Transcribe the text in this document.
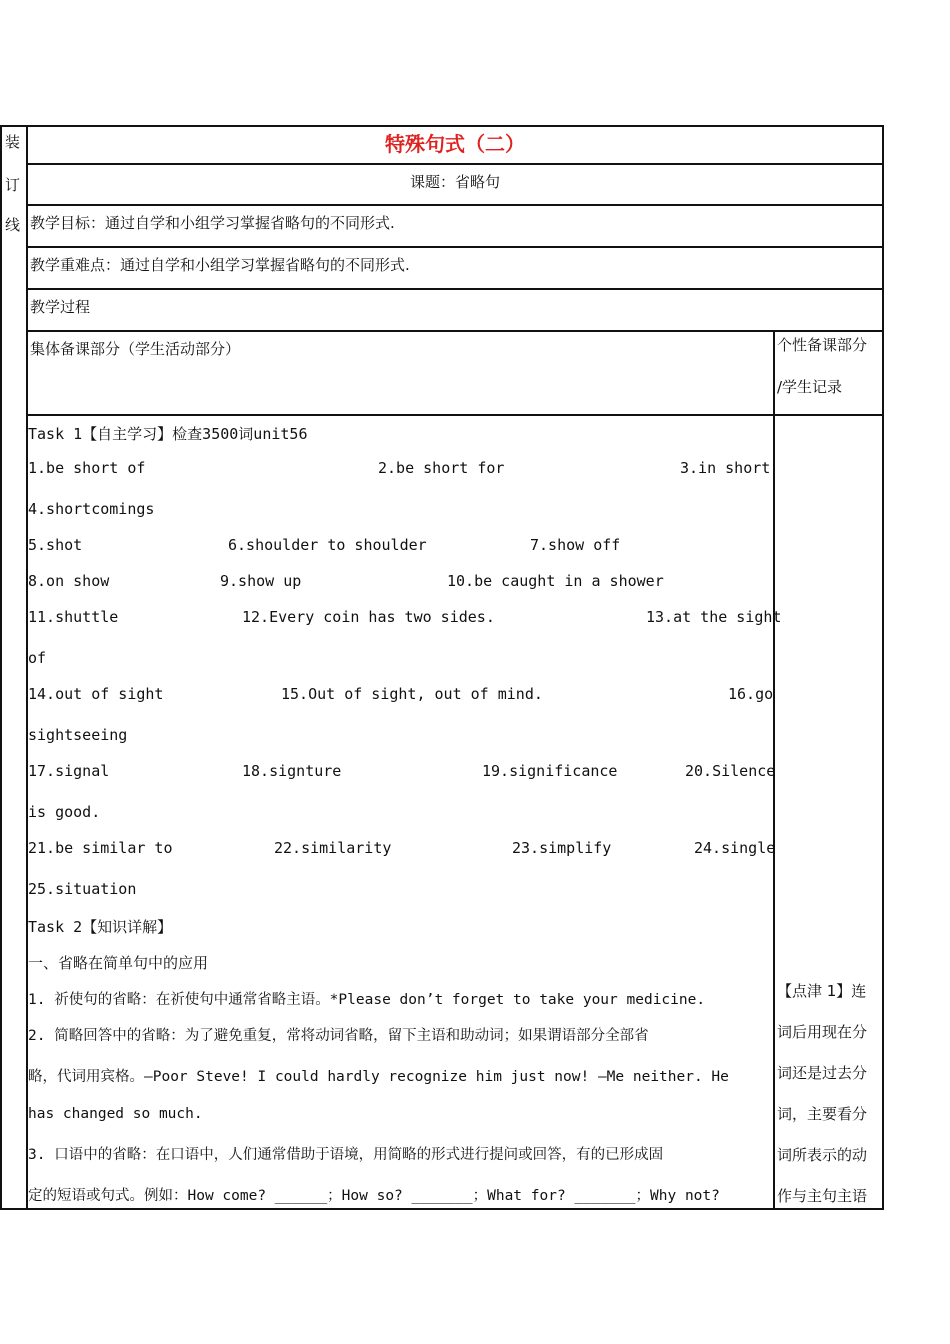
装
订
线
特殊句式（二）
课题：省略句
教学目标：通过自学和小组学习掌握省略句的不同形式.
教学重难点：通过自学和小组学习掌握省略句的不同形式.
教学过程
集体备课部分（学生活动部分）	个性备课部分
/学生记录
Task 1【自主学习】检查3500词unit56
1.be short of	2.be short for	3.in short
4.shortcomings
5.shot	6.shoulder to shoulder	7.show off
8.on show	9.show up	10.be caught in a shower
11.shuttle	12.Every coin has two sides.	13.at the sight
of
14.out of sight	15.Out of sight, out of mind.	16.go
sightseeing
17.signal	18.signture	19.significance	20.Silence
is good.
21.be similar to	22.similarity	23.simplify	24.single
25.situation
Task 2【知识详解】
一、省略在简单句中的应用
1. 祈使句的省略：在祈使句中通常省略主语。*Please don’t forget to take your medicine.
2. 简略回答中的省略：为了避免重复，常将动词省略，留下主语和助动词；如果谓语部分全部省
略，代词用宾格。—Poor Steve! I could hardly recognize him just now! —Me neither. He
has changed so much.
3. 口语中的省略：在口语中，人们通常借助于语境，用简略的形式进行提问或回答，有的已形成固
定的短语或句式。例如：How come? ______；How so? _______；What for? _______；Why not?
【点津 1】连
词后用现在分
词还是过去分
词，主要看分
词所表示的动
作与主句主语
